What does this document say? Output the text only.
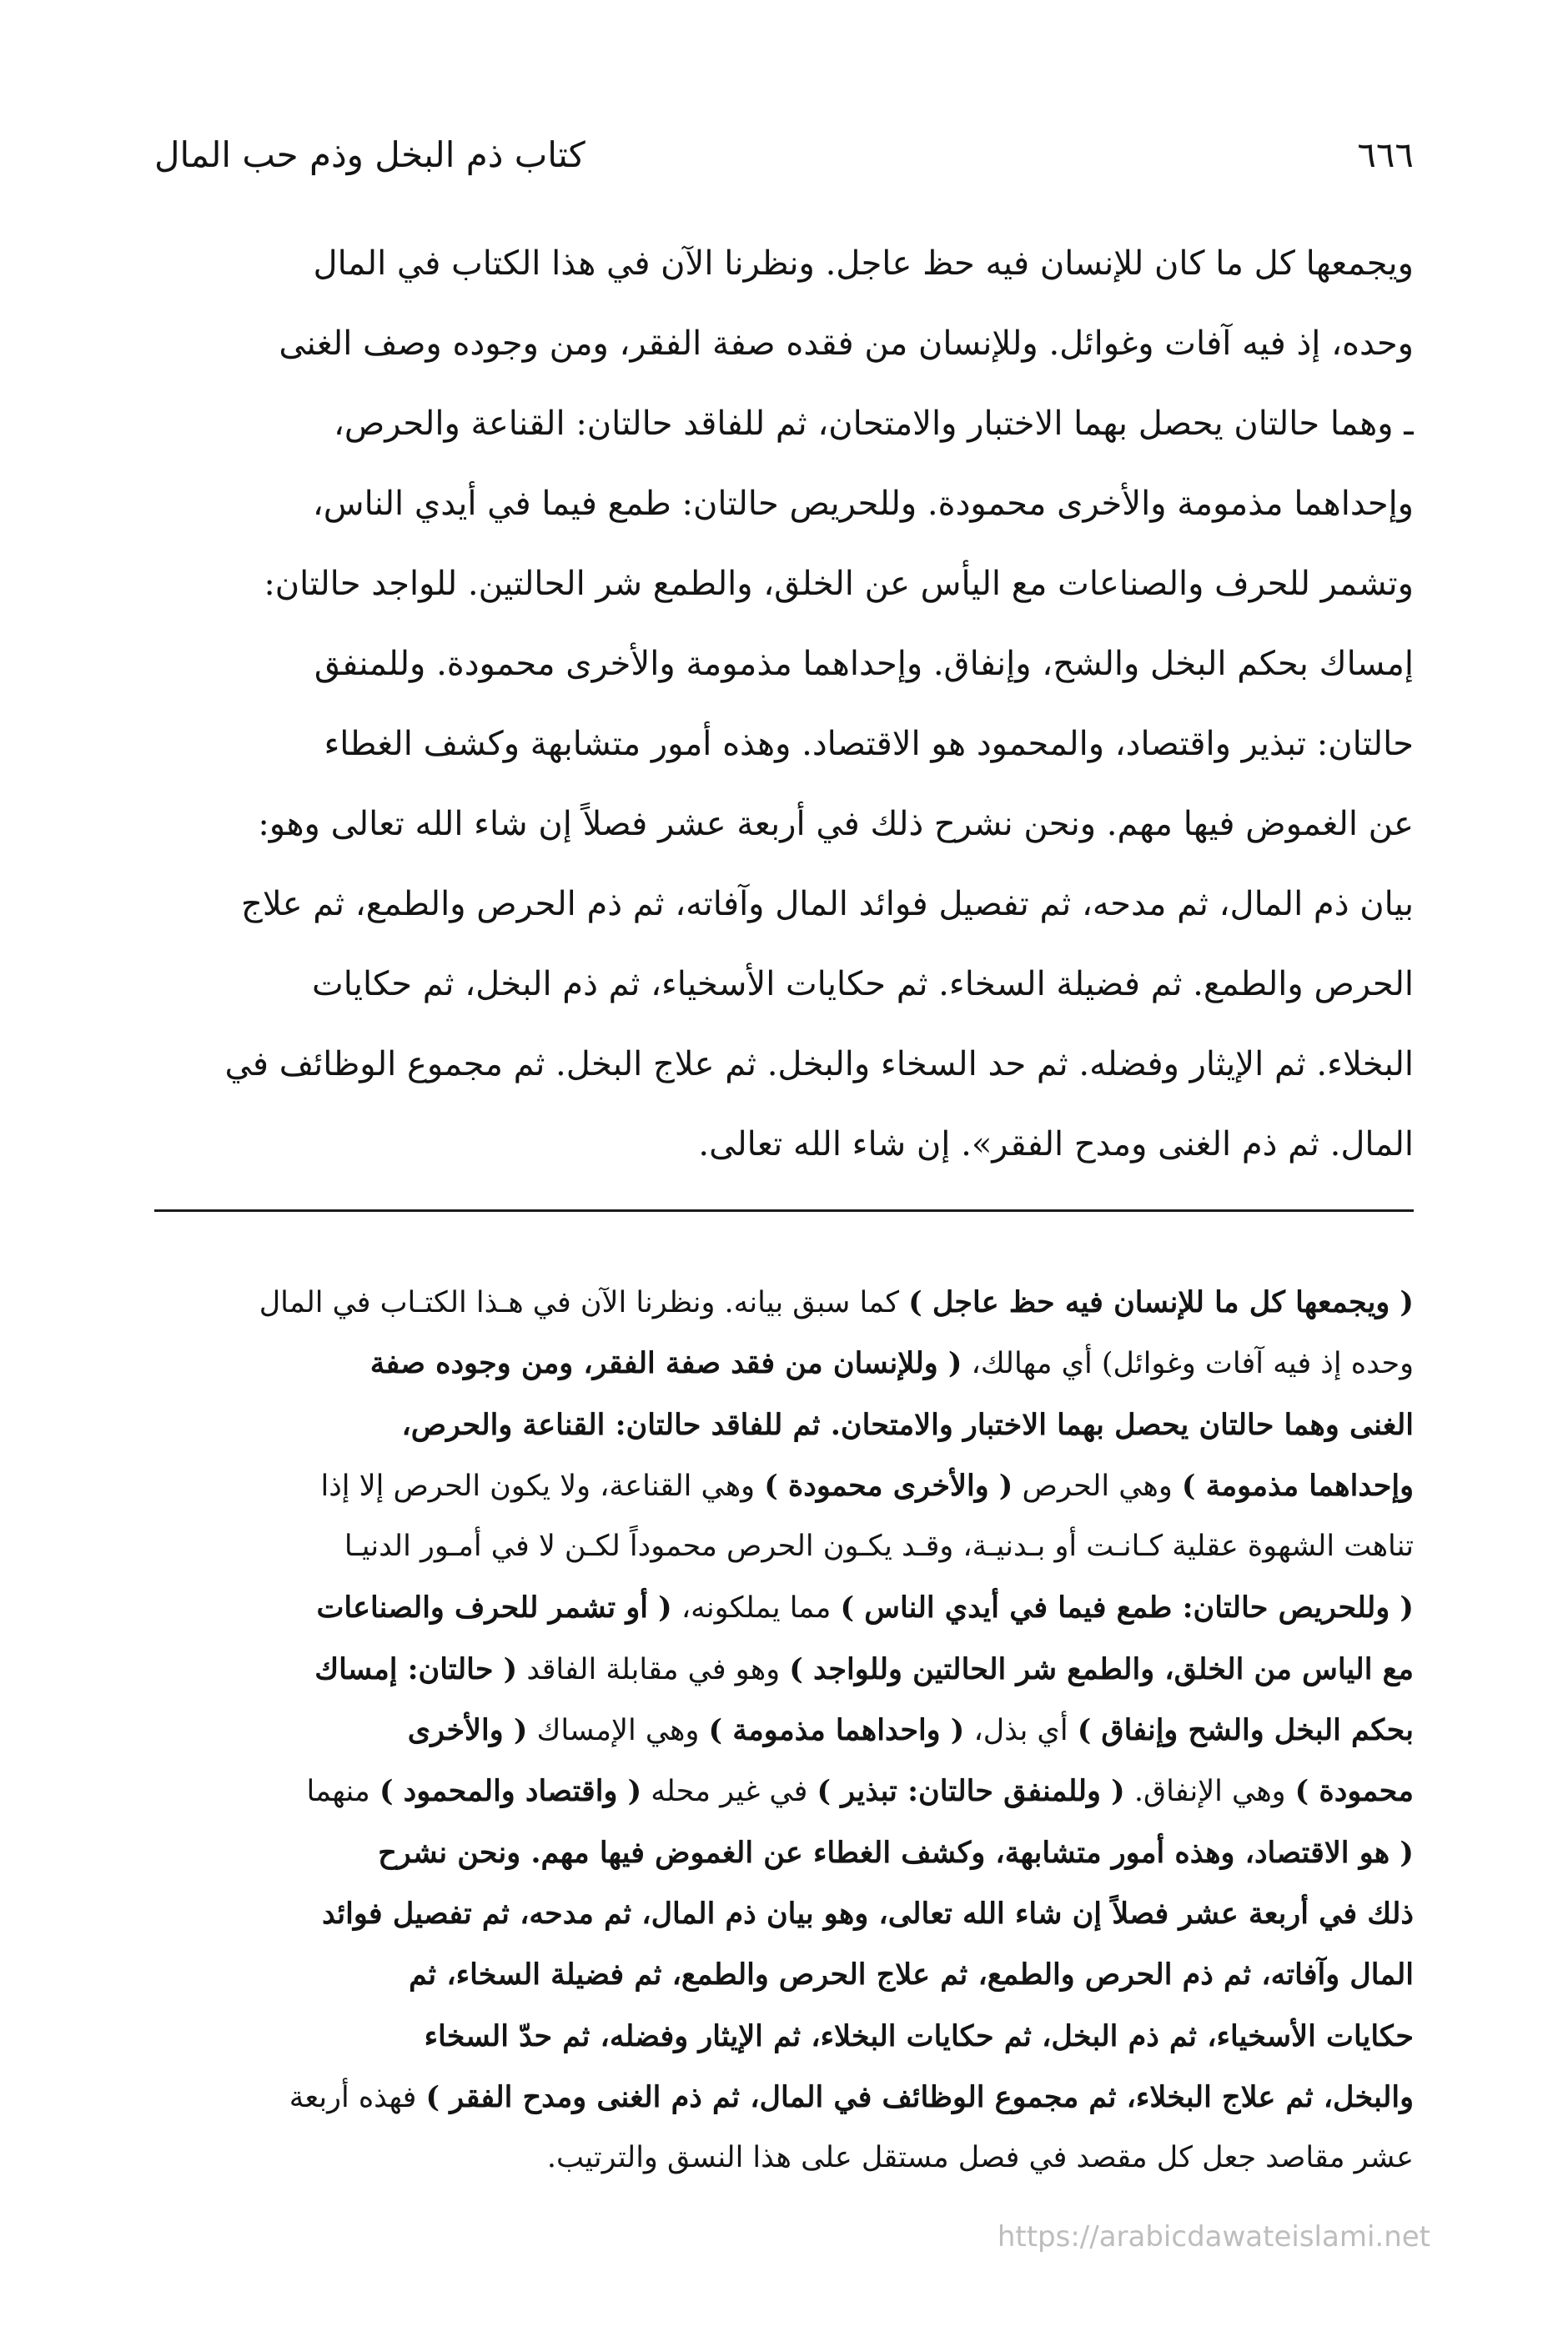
٦٦٦
كتاب ذم البخل وذم حب المال

ويجمعها كل ما كان للإنسان فيه حظ عاجل. ونظرنا الآن في هذا الكتاب في المال

وحده، إذ فيه آفات وغوائل. وللإنسان من فقده صفة الفقر، ومن وجوده وصف الغنى

ـ وهما حالتان يحصل بهما الاختبار والامتحان، ثم للفاقد حالتان: القناعة والحرص،

وإحداهما مذمومة والأخرى محمودة. وللحريص حالتان: طمع فيما في أيدي الناس،

وتشمر للحرف والصناعات مع اليأس عن الخلق، والطمع شر الحالتين. للواجد حالتان:

إمساك بحكم البخل والشح، وإنفاق. وإحداهما مذمومة والأخرى محمودة. وللمنفق

حالتان: تبذير واقتصاد، والمحمود هو الاقتصاد. وهذه أمور متشابهة وكشف الغطاء

عن الغموض فيها مهم. ونحن نشرح ذلك في أربعة عشر فصلاً إن شاء الله تعالى وهو:

بيان ذم المال، ثم مدحه، ثم تفصيل فوائد المال وآفاته، ثم ذم الحرص والطمع، ثم علاج

الحرص والطمع. ثم فضيلة السخاء. ثم حكايات الأسخياء، ثم ذم البخل، ثم حكايات

البخلاء. ثم الإيثار وفضله. ثم حد السخاء والبخل. ثم علاج البخل. ثم مجموع الوظائف في

المال. ثم ذم الغنى ومدح الفقر». إن شاء الله تعالى.

( ويجمعها كل ما للإنسان فيه حظ عاجل ) كما سبق بيانه. ونظرنا الآن في هـذا الكتـاب في المال

وحده إذ فيه آفات وغوائل) أي مهالك، ( وللإنسان من فقد صفة الفقر، ومن وجوده صفة

الغنى وهما حالتان يحصل بهما الاختبار والامتحان. ثم للفاقد حالتان: القناعة والحرص،

وإحداهما مذمومة ) وهي الحرص ( والأخرى محمودة ) وهي القناعة، ولا يكون الحرص إلا إذا

تناهت الشهوة عقلية كـانـت أو بـدنيـة، وقـد يكـون الحرص محموداً لكـن لا في أمـور الدنيـا

( وللحريص حالتان: طمع فيما في أيدي الناس ) مما يملكونه، ( أو تشمر للحرف والصناعات

مع الياس من الخلق، والطمع شر الحالتين وللواجد ) وهو في مقابلة الفاقد ( حالتان: إمساك

بحكم البخل والشح وإنفاق ) أي بذل، ( واحداهما مذمومة ) وهي الإمساك ( والأخرى

محمودة ) وهي الإنفاق. ( وللمنفق حالتان: تبذير ) في غير محله ( واقتصاد والمحمود ) منهما

( هو الاقتصاد، وهذه أمور متشابهة، وكشف الغطاء عن الغموض فيها مهم. ونحن نشرح

ذلك في أربعة عشر فصلاً إن شاء الله تعالى، وهو بيان ذم المال، ثم مدحه، ثم تفصيل فوائد

المال وآفاته، ثم ذم الحرص والطمع، ثم علاج الحرص والطمع، ثم فضيلة السخاء، ثم

حكايات الأسخياء، ثم ذم البخل، ثم حكايات البخلاء، ثم الإيثار وفضله، ثم حدّ السخاء

والبخل، ثم علاج البخلاء، ثم مجموع الوظائف في المال، ثم ذم الغنى ومدح الفقر ) فهذه أربعة

عشر مقاصد جعل كل مقصد في فصل مستقل على هذا النسق والترتيب.

https://arabicdawateislami.net
